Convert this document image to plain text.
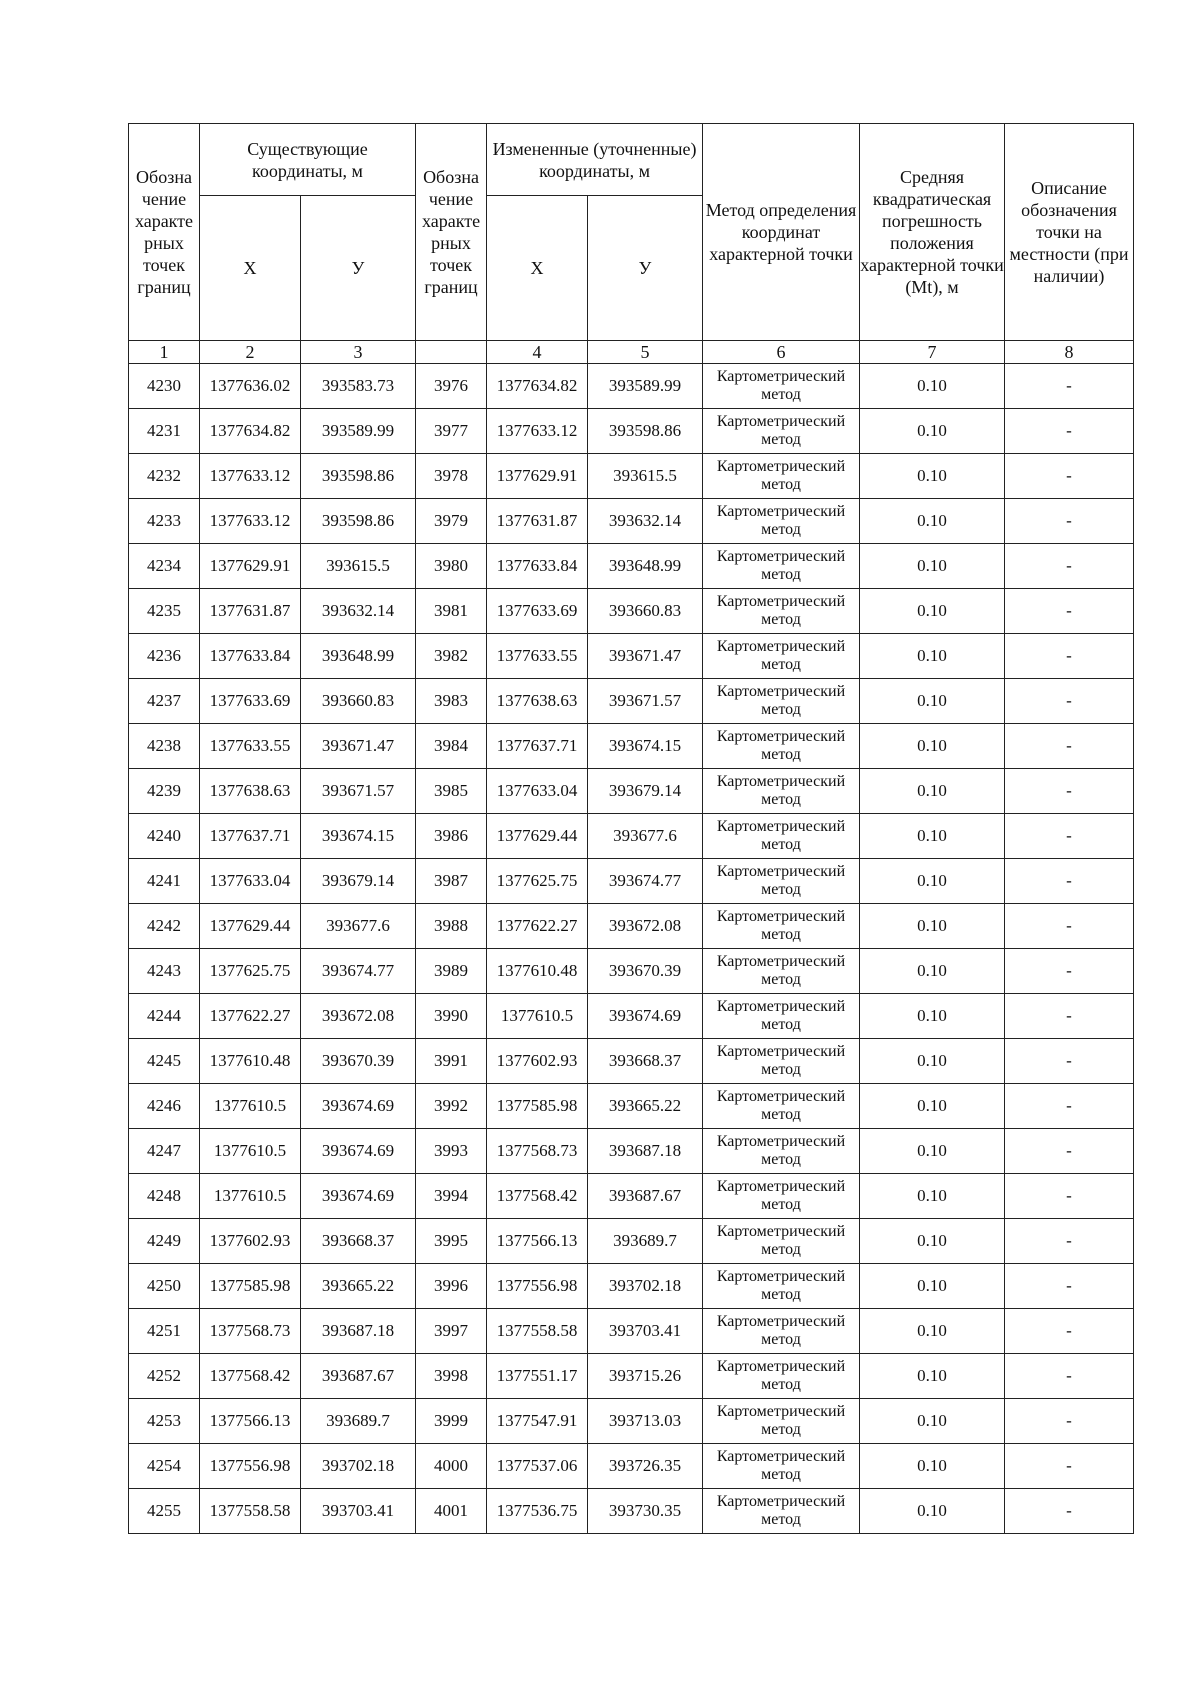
Обозна чение характе рных точек границ	Существующие координаты, м		Обозна чение характе рных точек границ	Измененные (уточненные) координаты, м		Метод определения координат характерной точки	Средняя квадратическая погрешность положения характерной точки (Мt), м	Описание обозначения точки на местности (при наличии)
	Х	У		Х	У			
1	2	3		4	5	6	7	8
4230	1377636.02	393583.73	3976	1377634.82	393589.99	Картометрический метод	0.10	-
4231	1377634.82	393589.99	3977	1377633.12	393598.86	Картометрический метод	0.10	-
4232	1377633.12	393598.86	3978	1377629.91	393615.5	Картометрический метод	0.10	-
4233	1377633.12	393598.86	3979	1377631.87	393632.14	Картометрический метод	0.10	-
4234	1377629.91	393615.5	3980	1377633.84	393648.99	Картометрический метод	0.10	-
4235	1377631.87	393632.14	3981	1377633.69	393660.83	Картометрический метод	0.10	-
4236	1377633.84	393648.99	3982	1377633.55	393671.47	Картометрический метод	0.10	-
4237	1377633.69	393660.83	3983	1377638.63	393671.57	Картометрический метод	0.10	-
4238	1377633.55	393671.47	3984	1377637.71	393674.15	Картометрический метод	0.10	-
4239	1377638.63	393671.57	3985	1377633.04	393679.14	Картометрический метод	0.10	-
4240	1377637.71	393674.15	3986	1377629.44	393677.6	Картометрический метод	0.10	-
4241	1377633.04	393679.14	3987	1377625.75	393674.77	Картометрический метод	0.10	-
4242	1377629.44	393677.6	3988	1377622.27	393672.08	Картометрический метод	0.10	-
4243	1377625.75	393674.77	3989	1377610.48	393670.39	Картометрический метод	0.10	-
4244	1377622.27	393672.08	3990	1377610.5	393674.69	Картометрический метод	0.10	-
4245	1377610.48	393670.39	3991	1377602.93	393668.37	Картометрический метод	0.10	-
4246	1377610.5	393674.69	3992	1377585.98	393665.22	Картометрический метод	0.10	-
4247	1377610.5	393674.69	3993	1377568.73	393687.18	Картометрический метод	0.10	-
4248	1377610.5	393674.69	3994	1377568.42	393687.67	Картометрический метод	0.10	-
4249	1377602.93	393668.37	3995	1377566.13	393689.7	Картометрический метод	0.10	-
4250	1377585.98	393665.22	3996	1377556.98	393702.18	Картометрический метод	0.10	-
4251	1377568.73	393687.18	3997	1377558.58	393703.41	Картометрический метод	0.10	-
4252	1377568.42	393687.67	3998	1377551.17	393715.26	Картометрический метод	0.10	-
4253	1377566.13	393689.7	3999	1377547.91	393713.03	Картометрический метод	0.10	-
4254	1377556.98	393702.18	4000	1377537.06	393726.35	Картометрический метод	0.10	-
4255	1377558.58	393703.41	4001	1377536.75	393730.35	Картометрический метод	0.10	-
